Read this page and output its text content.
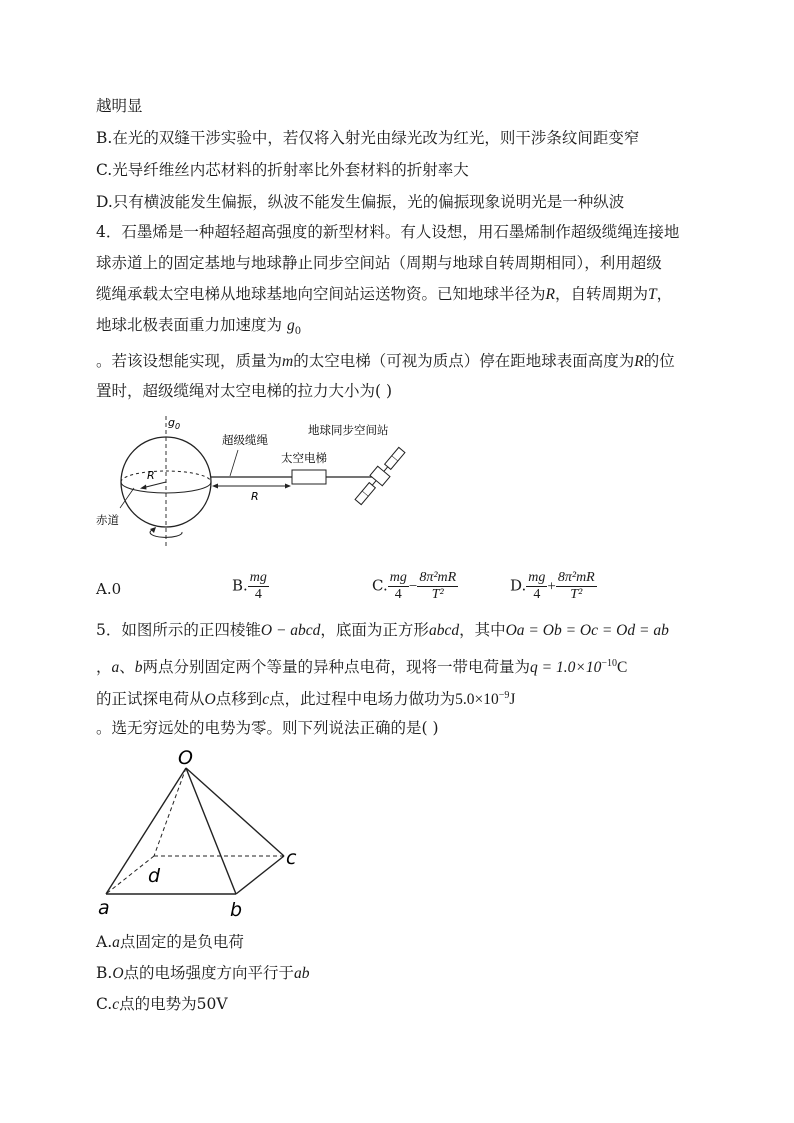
越明显
B.在光的双缝干涉实验中，若仅将入射光由绿光改为红光，则干涉条纹间距变窄
C.光导纤维丝内芯材料的折射率比外套材料的折射率大
D.只有横波能发生偏振，纵波不能发生偏振，光的偏振现象说明光是一种纵波
4．石墨烯是一种超轻超高强度的新型材料。有人设想，用石墨烯制作超级缆绳连接地
球赤道上的固定基地与地球静止同步空间站（周期与地球自转周期相同），利用超级
缆绳承载太空电梯从地球基地向空间站运送物资。已知地球半径为R，自转周期为T，
地球北极表面重力加速度为 $g_0$
。若该设想能实现，质量为m的太空电梯（可视为质点）停在距地球表面高度为R的位
置时，超级缆绳对太空电梯的拉力大小为( )
R
$g_0$
超级缆绳
R
太空电梯
地球同步空间站
赤道
A.0	B. $\frac{mg}{4}$	C. $\frac{mg}{4} - \frac{\text{8π²mR}}{\text{T²}}$	D. $\frac{mg}{4} + \frac{\text{8π²mR}}{\text{T²}}$
5．如图所示的正四棱锥O − abcd，底面为正方形abcd，其中Oa = Ob = Oc = Od = ab
，a、b两点分别固定两个等量的异种点电荷，现将一带电荷量为$q = 1.0\times 10^{-10}C$
的正试探电荷从O点移到c点，此过程中电场力做功为$5.0\times 10^{-9}J$
。选无穷远处的电势为零。则下列说法正确的是( )
O
a	b
c
d
A.a点固定的是负电荷
B.O点的电场强度方向平行于ab
C.c点的电势为50V
